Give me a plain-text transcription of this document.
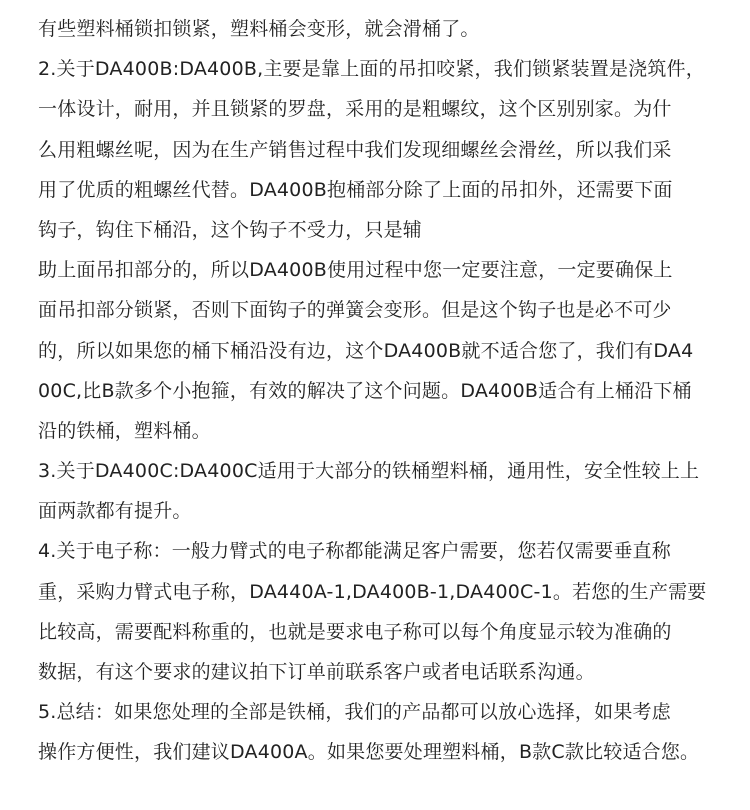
有些塑料桶锁扣锁紧，塑料桶会变形，就会滑桶了。
2.关于DA400B:DA400B,主要是靠上面的吊扣咬紧，我们锁紧装置是浇筑件，
一体设计，耐用，并且锁紧的罗盘，采用的是粗螺纹，这个区别别家。为什
么用粗螺丝呢，因为在生产销售过程中我们发现细螺丝会滑丝，所以我们采
用了优质的粗螺丝代替。DA400B抱桶部分除了上面的吊扣外，还需要下面
钩子，钩住下桶沿，这个钩子不受力，只是辅
助上面吊扣部分的，所以DA400B使用过程中您一定要注意，一定要确保上
面吊扣部分锁紧，否则下面钩子的弹簧会变形。但是这个钩子也是必不可少
的，所以如果您的桶下桶沿没有边，这个DA400B就不适合您了，我们有DA4
00C,比B款多个小抱箍，有效的解决了这个问题。DA400B适合有上桶沿下桶
沿的铁桶，塑料桶。
3.关于DA400C:DA400C适用于大部分的铁桶塑料桶，通用性，安全性较上上
面两款都有提升。
4.关于电子称：一般力臂式的电子称都能满足客户需要，您若仅需要垂直称
重，采购力臂式电子称，DA440A-1,DA400B-1,DA400C-1。若您的生产需要
比较高，需要配料称重的，也就是要求电子称可以每个角度显示较为准确的
数据，有这个要求的建议拍下订单前联系客户或者电话联系沟通。
5.总结：如果您处理的全部是铁桶，我们的产品都可以放心选择，如果考虑
操作方便性，我们建议DA400A。如果您要处理塑料桶，B款C款比较适合您。
